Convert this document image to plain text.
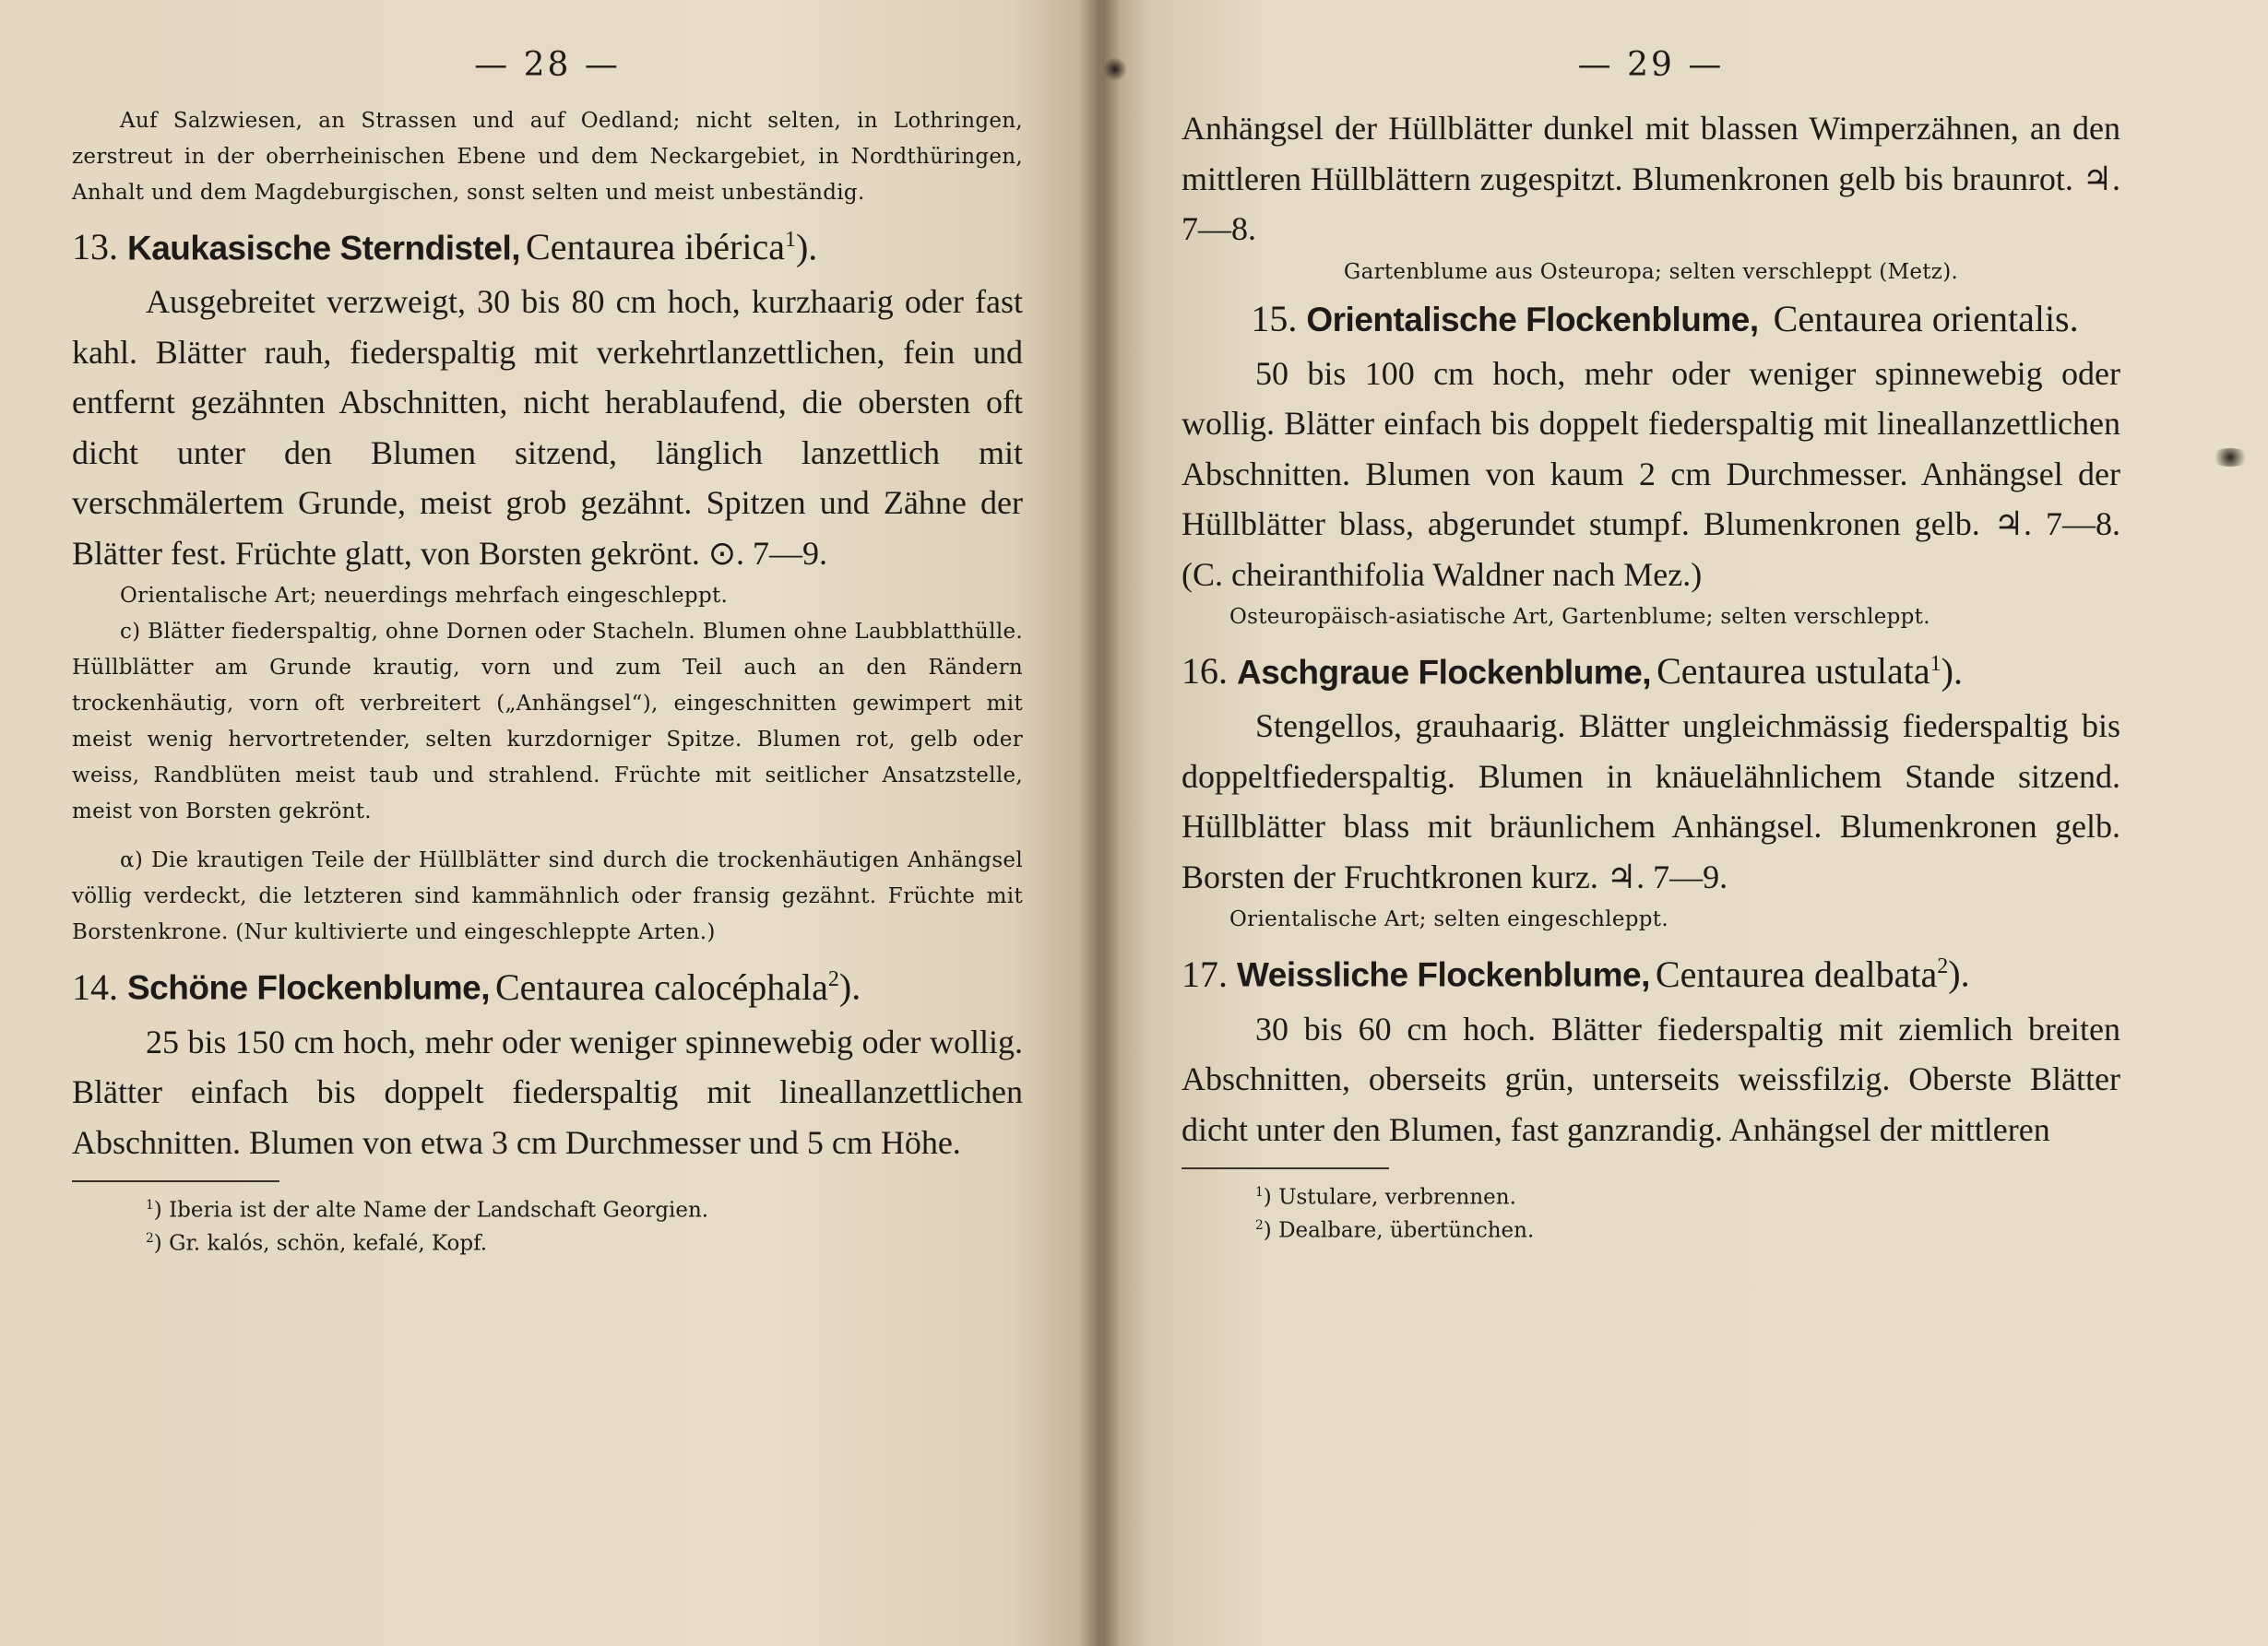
— 28 —

Auf Salzwiesen, an Strassen und auf Oedland; nicht selten, in Lothringen, zerstreut in der oberrheinischen Ebene und dem Neckargebiet, in Nordthüringen, Anhalt und dem Magdeburgischen, sonst selten und meist unbeständig.

13. Kaukasische Sterndistel, Centaurea ibérica$^1$).

Ausgebreitet verzweigt, 30 bis 80 cm hoch, kurzhaarig oder fast kahl. Blätter rauh, fiederspaltig mit verkehrtlanzettlichen, fein und entfernt gezähnten Abschnitten, nicht herablaufend, die obersten oft dicht unter den Blumen sitzend, länglich lanzettlich mit verschmälertem Grunde, meist grob gezähnt. Spitzen und Zähne der Blätter fest. Früchte glatt, von Borsten gekrönt. ⊙. 7—9.

Orientalische Art; neuerdings mehrfach eingeschleppt.

c) Blätter fiederspaltig, ohne Dornen oder Stacheln. Blumen ohne Laubblatthülle. Hüllblätter am Grunde krautig, vorn und zum Teil auch an den Rändern trockenhäutig, vorn oft verbreitert („Anhängsel“), eingeschnitten gewimpert mit meist wenig hervortretender, selten kurzdorniger Spitze. Blumen rot, gelb oder weiss, Randblüten meist taub und strahlend. Früchte mit seitlicher Ansatzstelle, meist von Borsten gekrönt.

α) Die krautigen Teile der Hüllblätter sind durch die trockenhäutigen Anhängsel völlig verdeckt, die letzteren sind kammähnlich oder fransig gezähnt. Früchte mit Borstenkrone. (Nur kultivierte und eingeschleppte Arten.)

14. Schöne Flockenblume, Centaurea calocéphala$^2$).

25 bis 150 cm hoch, mehr oder weniger spinnewebig oder wollig. Blätter einfach bis doppelt fiederspaltig mit lineallanzettlichen Abschnitten. Blumen von etwa 3 cm Durchmesser und 5 cm Höhe.

$^1$) Iberia ist der alte Name der Landschaft Georgien.
$^2$) Gr. kalós, schön, kefalé, Kopf.
— 29 —

Anhängsel der Hüllblätter dunkel mit blassen Wimperzähnen, an den mittleren Hüllblättern zugespitzt. Blumenkronen gelb bis braunrot. ♃. 7—8.

Gartenblume aus Osteuropa; selten verschleppt (Metz).

15. Orientalische Flockenblume, Centaurea orientalis.

50 bis 100 cm hoch, mehr oder weniger spinnewebig oder wollig. Blätter einfach bis doppelt fiederspaltig mit lineallanzettlichen Abschnitten. Blumen von kaum 2 cm Durchmesser. Anhängsel der Hüllblätter blass, abgerundet stumpf. Blumenkronen gelb. ♃. 7—8. (C. cheiranthifolia Waldner nach Mez.)

Osteuropäisch-asiatische Art, Gartenblume; selten verschleppt.

16. Aschgraue Flockenblume, Centaurea ustulata$^1$).

Stengellos, grauhaarig. Blätter ungleichmässig fiederspaltig bis doppeltfiederspaltig. Blumen in knäuelähnlichem Stande sitzend. Hüllblätter blass mit bräunlichem Anhängsel. Blumenkronen gelb. Borsten der Fruchtkronen kurz. ♃. 7—9.

Orientalische Art; selten eingeschleppt.

17. Weissliche Flockenblume, Centaurea dealbata$^2$).

30 bis 60 cm hoch. Blätter fiederspaltig mit ziemlich breiten Abschnitten, oberseits grün, unterseits weissfilzig. Oberste Blätter dicht unter den Blumen, fast ganzrandig. Anhängsel der mittleren

$^1$) Ustulare, verbrennen.
$^2$) Dealbare, übertünchen.
